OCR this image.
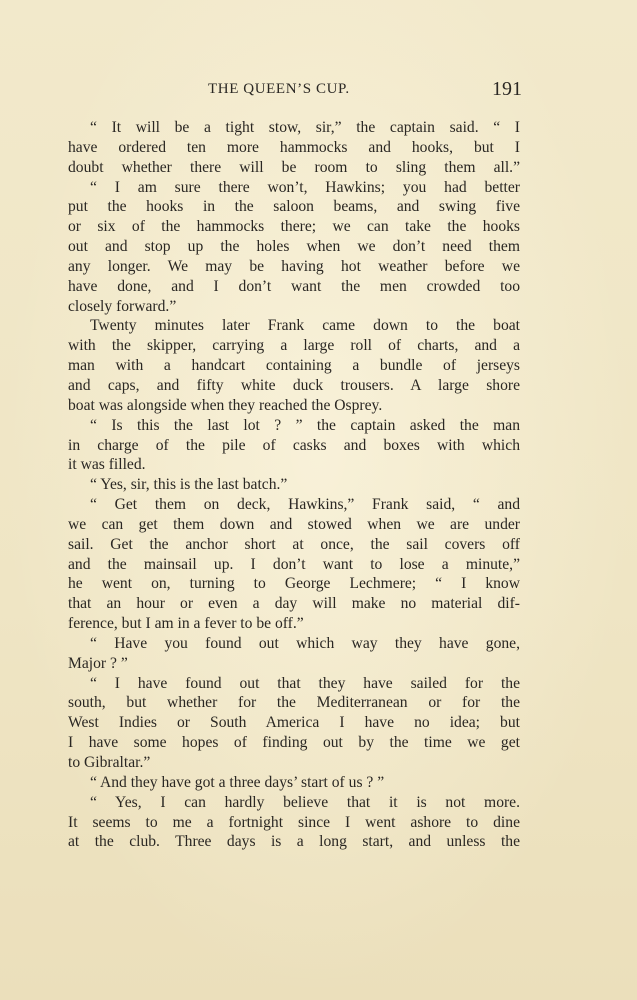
THE QUEEN’S CUP.	191
“ It will be a tight stow, sir,” the captain said. “ I
have ordered ten more hammocks and hooks, but I
doubt whether there will be room to sling them all.”
“ I am sure there won’t, Hawkins; you had better
put the hooks in the saloon beams, and swing five
or six of the hammocks there; we can take the hooks
out and stop up the holes when we don’t need them
any longer. We may be having hot weather before we
have done, and I don’t want the men crowded too
closely forward.”
Twenty minutes later Frank came down to the boat
with the skipper, carrying a large roll of charts, and a
man with a handcart containing a bundle of jerseys
and caps, and fifty white duck trousers. A large shore
boat was alongside when they reached the Osprey.
“ Is this the last lot ? ” the captain asked the man
in charge of the pile of casks and boxes with which
it was filled.
“ Yes, sir, this is the last batch.”
“ Get them on deck, Hawkins,” Frank said, “ and
we can get them down and stowed when we are under
sail. Get the anchor short at once, the sail covers off
and the mainsail up. I don’t want to lose a minute,”
he went on, turning to George Lechmere; “ I know
that an hour or even a day will make no material dif-
ference, but I am in a fever to be off.”
“ Have you found out which way they have gone,
Major ? ”
“ I have found out that they have sailed for the
south, but whether for the Mediterranean or for the
West Indies or South America I have no idea; but
I have some hopes of finding out by the time we get
to Gibraltar.”
“ And they have got a three days’ start of us ? ”
“ Yes, I can hardly believe that it is not more.
It seems to me a fortnight since I went ashore to dine
at the club. Three days is a long start, and unless the
